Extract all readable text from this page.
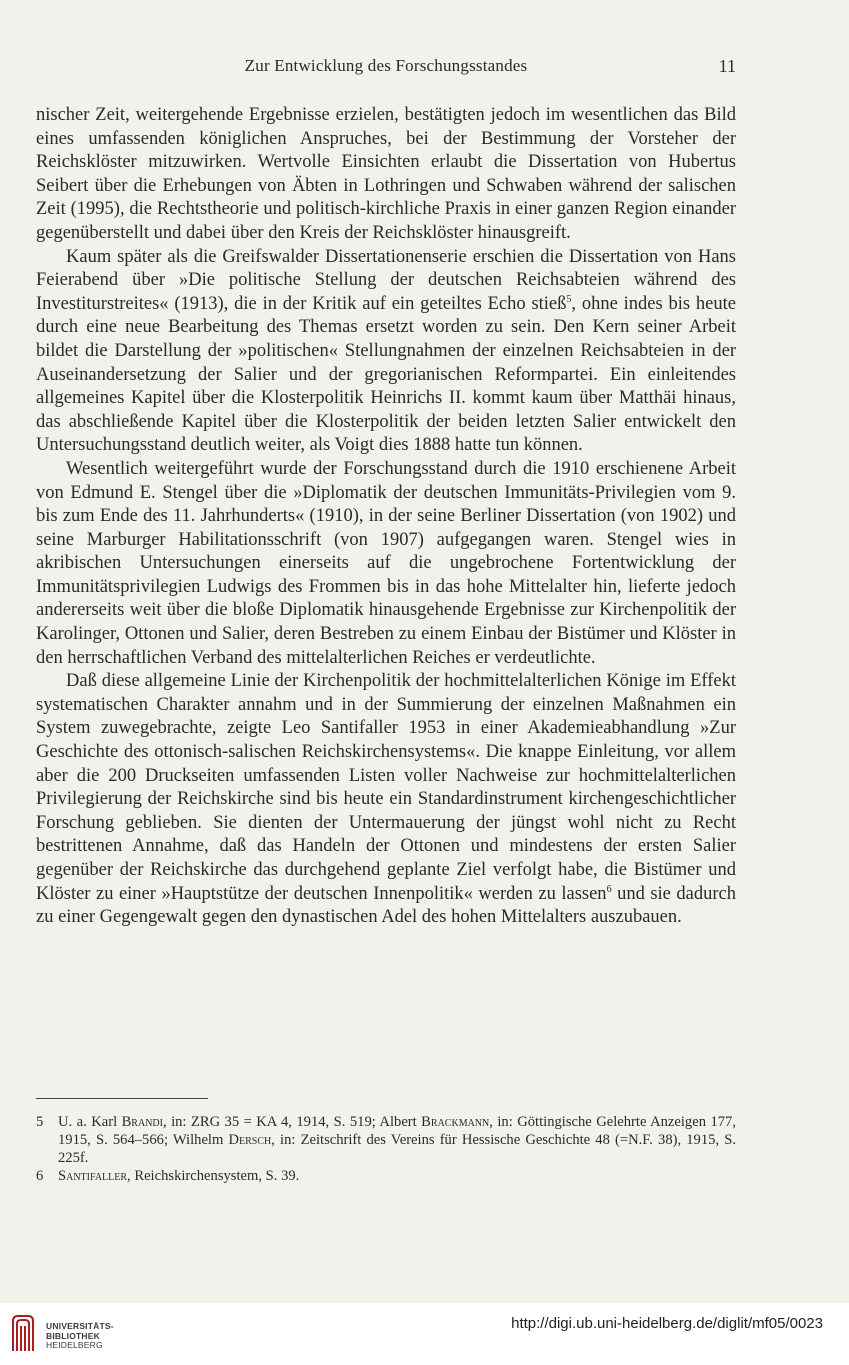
Zur Entwicklung des Forschungsstandes	11

nischer Zeit, weitergehende Ergebnisse erzielen, bestätigten jedoch im wesentlichen das Bild eines umfassenden königlichen Anspruches, bei der Bestimmung der Vorsteher der Reichsklöster mitzuwirken. Wertvolle Einsichten erlaubt die Dissertation von Hubertus Seibert über die Erhebungen von Äbten in Lothringen und Schwaben während der salischen Zeit (1995), die Rechtstheorie und politisch-kirchliche Praxis in einer ganzen Region einander gegenüberstellt und dabei über den Kreis der Reichsklöster hinausgreift.

Kaum später als die Greifswalder Dissertationenserie erschien die Dissertation von Hans Feierabend über »Die politische Stellung der deutschen Reichsabteien während des Investiturstreites« (1913), die in der Kritik auf ein geteiltes Echo stieß$^5$, ohne indes bis heute durch eine neue Bearbeitung des Themas ersetzt worden zu sein. Den Kern seiner Arbeit bildet die Darstellung der »politischen« Stellungnahmen der einzelnen Reichsabteien in der Auseinandersetzung der Salier und der gregorianischen Reformpartei. Ein einleitendes allgemeines Kapitel über die Klosterpolitik Heinrichs II. kommt kaum über Matthäi hinaus, das abschließende Kapitel über die Klosterpolitik der beiden letzten Salier entwickelt den Untersuchungsstand deutlich weiter, als Voigt dies 1888 hatte tun können.

Wesentlich weitergeführt wurde der Forschungsstand durch die 1910 erschienene Arbeit von Edmund E. Stengel über die »Diplomatik der deutschen Immunitäts-Privilegien vom 9. bis zum Ende des 11. Jahrhunderts« (1910), in der seine Berliner Dissertation (von 1902) und seine Marburger Habilitationsschrift (von 1907) aufgegangen waren. Stengel wies in akribischen Untersuchungen einerseits auf die ungebrochene Fortentwicklung der Immunitätsprivilegien Ludwigs des Frommen bis in das hohe Mittelalter hin, lieferte jedoch andererseits weit über die bloße Diplomatik hinausgehende Ergebnisse zur Kirchenpolitik der Karolinger, Ottonen und Salier, deren Bestreben zu einem Einbau der Bistümer und Klöster in den herrschaftlichen Verband des mittelalterlichen Reiches er verdeutlichte.

Daß diese allgemeine Linie der Kirchenpolitik der hochmittelalterlichen Könige im Effekt systematischen Charakter annahm und in der Summierung der einzelnen Maßnahmen ein System zuwegebrachte, zeigte Leo Santifaller 1953 in einer Akademieabhandlung »Zur Geschichte des ottonisch-salischen Reichskirchensystems«. Die knappe Einleitung, vor allem aber die 200 Druckseiten umfassenden Listen voller Nachweise zur hochmittelalterlichen Privilegierung der Reichskirche sind bis heute ein Standardinstrument kirchengeschichtlicher Forschung geblieben. Sie dienten der Untermauerung der jüngst wohl nicht zu Recht bestrittenen Annahme, daß das Handeln der Ottonen und mindestens der ersten Salier gegenüber der Reichskirche das durchgehend geplante Ziel verfolgt habe, die Bistümer und Klöster zu einer »Hauptstütze der deutschen Innenpolitik« werden zu lassen$^6$ und sie dadurch zu einer Gegengewalt gegen den dynastischen Adel des hohen Mittelalters auszubauen.

5 U. a. Karl Brandi, in: ZRG 35 = KA 4, 1914, S. 519; Albert Brackmann, in: Göttingische Gelehrte Anzeigen 177, 1915, S. 564–566; Wilhelm Dersch, in: Zeitschrift des Vereins für Hessische Geschichte 48 (=N.F. 38), 1915, S. 225f.

6 Santifaller, Reichskirchensystem, S. 39.

UNIVERSITÄTS-
BIBLIOTHEK
HEIDELBERG
http://digi.ub.uni-heidelberg.de/diglit/mf05/0023
